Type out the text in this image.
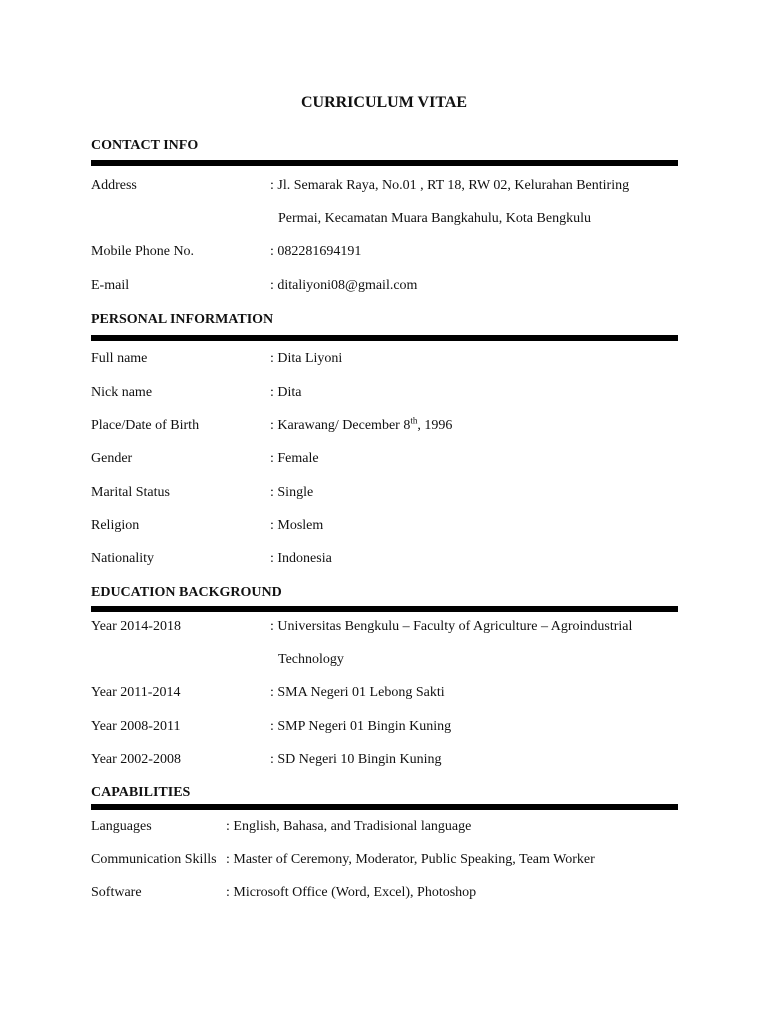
CURRICULUM VITAE
CONTACT INFO
Address	: Jl. Semarak Raya, No.01 , RT 18, RW 02, Kelurahan Bentiring
Permai, Kecamatan Muara Bangkahulu, Kota Bengkulu
Mobile Phone No.	: 082281694191
E-mail	: ditaliyoni08@gmail.com
PERSONAL INFORMATION
Full name	: Dita Liyoni
Nick name	: Dita
Place/Date of Birth	: Karawang/ December 8th, 1996
Gender	: Female
Marital Status	: Single
Religion	: Moslem
Nationality	: Indonesia
EDUCATION BACKGROUND
Year 2014-2018	: Universitas Bengkulu – Faculty of Agriculture – Agroindustrial
Technology
Year 2011-2014	: SMA Negeri 01 Lebong Sakti
Year 2008-2011	: SMP Negeri 01 Bingin Kuning
Year 2002-2008	: SD Negeri 10 Bingin Kuning
CAPABILITIES
Languages	: English, Bahasa, and Tradisional language
Communication Skills : Master of Ceremony, Moderator, Public Speaking, Team Worker
Software	: Microsoft Office (Word, Excel), Photoshop
